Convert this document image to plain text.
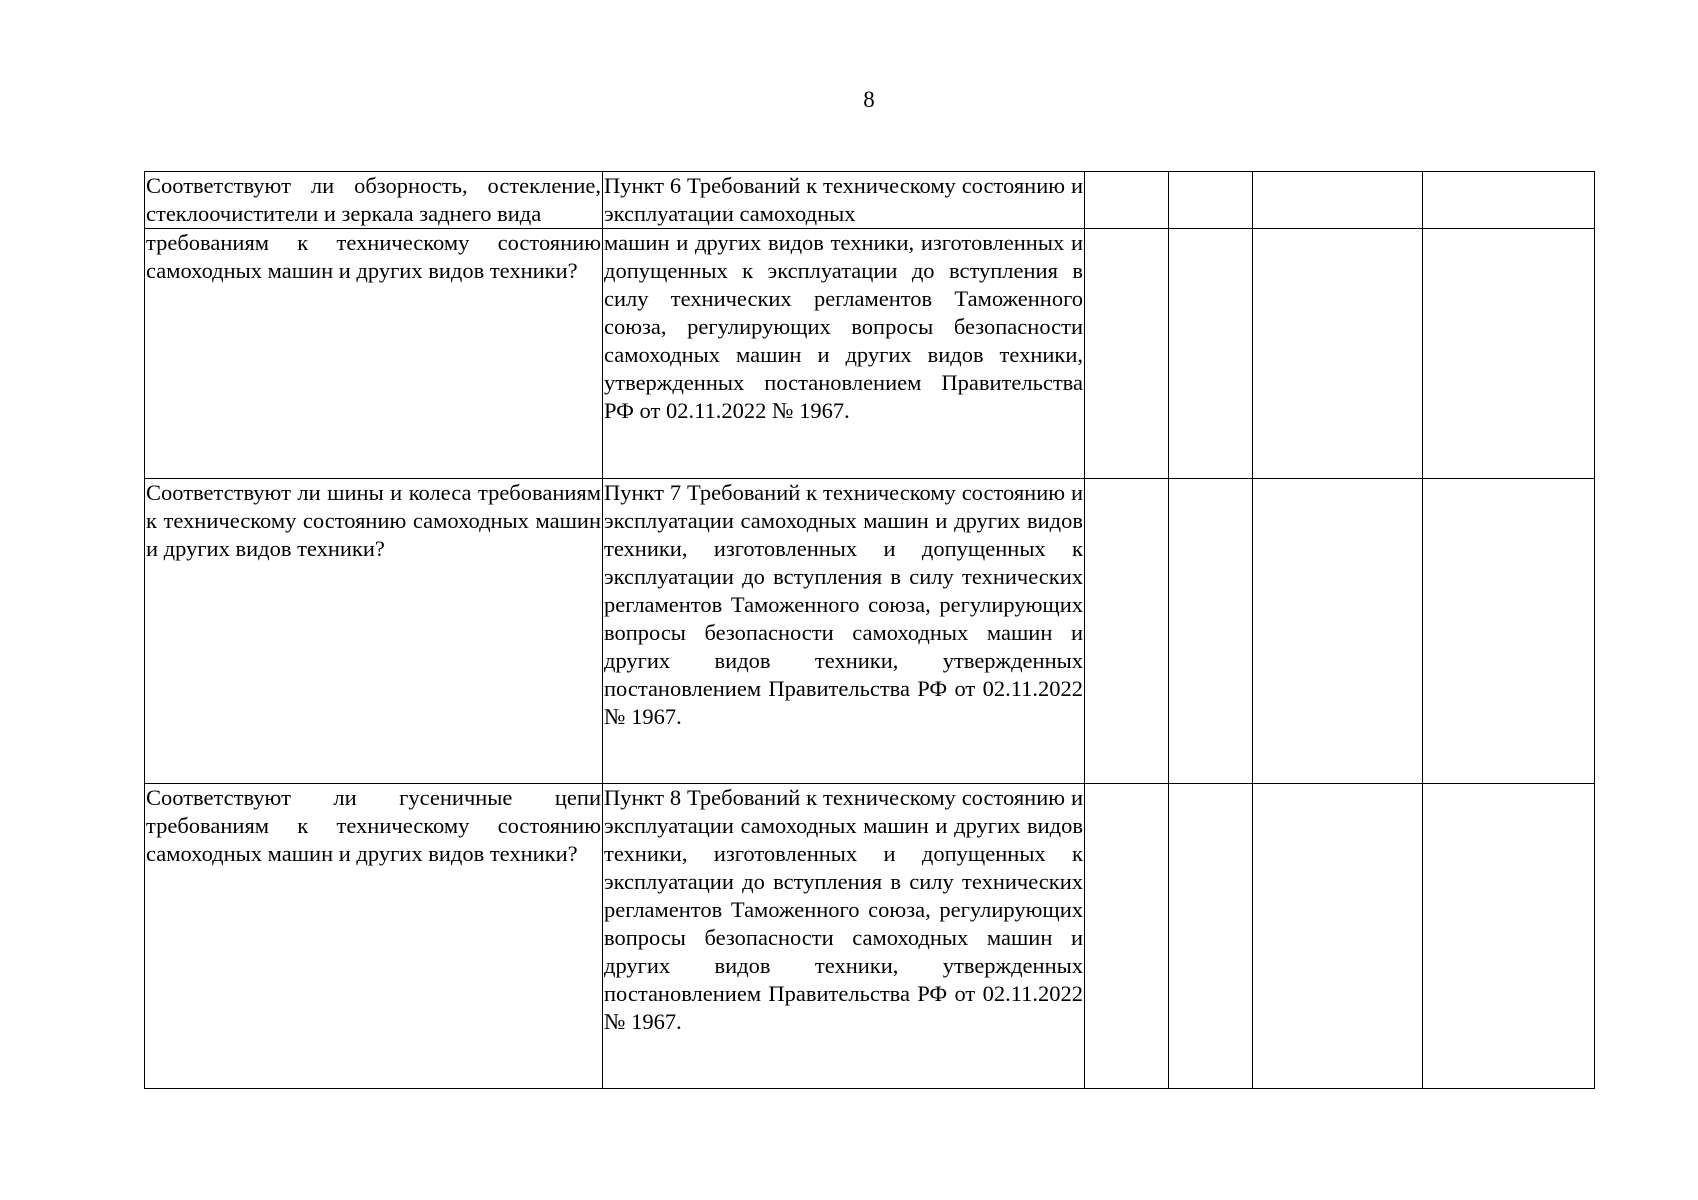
8
Соответствуют ли обзорность, остекление, стеклоочистители и зеркала заднего вида	Пункт 6 Требований к техническому состоянию и эксплуатации самоходных				

требованиям к техническому состоянию самоходных машин и других видов техники?	машин и других видов техники, изготовленных и допущенных к эксплуатации до вступления в силу технических регламентов Таможенного союза, регулирующих вопросы безопасности самоходных машин и других видов техники, утвержденных постановлением Правительства РФ от 02.11.2022 № 1967.				

Соответствуют ли шины и колеса требованиям к техническому состоянию самоходных машин и других видов техники?	Пункт 7 Требований к техническому состоянию и эксплуатации самоходных машин и других видов техники, изготовленных и допущенных к эксплуатации до вступления в силу технических регламентов Таможенного союза, регулирующих вопросы безопасности самоходных машин и других видов техники, утвержденных постановлением Правительства РФ от 02.11.2022 № 1967.				

Соответствуют ли гусеничные цепи требованиям к техническому состоянию самоходных машин и других видов техники?	Пункт 8 Требований к техническому состоянию и эксплуатации самоходных машин и других видов техники, изготовленных и допущенных к эксплуатации до вступления в силу технических регламентов Таможенного союза, регулирующих вопросы безопасности самоходных машин и других видов техники, утвержденных постановлением Правительства РФ от 02.11.2022 № 1967.				
